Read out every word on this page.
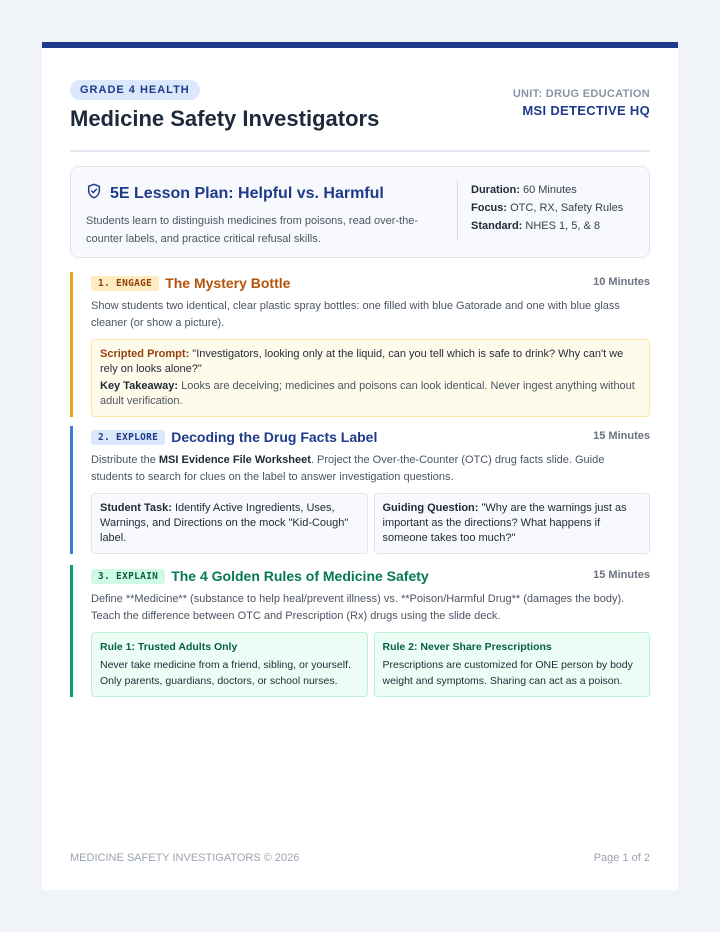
GRADE 4 HEALTH
Medicine Safety Investigators
UNIT: DRUG EDUCATION
MSI DETECTIVE HQ
5E Lesson Plan: Helpful vs. Harmful
Students learn to distinguish medicines from poisons, read over-the-counter labels, and practice critical refusal skills.
Duration: 60 Minutes
Focus: OTC, RX, Safety Rules
Standard: NHES 1, 5, & 8
1. ENGAGE The Mystery Bottle	10 Minutes
Show students two identical, clear plastic spray bottles: one filled with blue Gatorade and one with blue glass cleaner (or show a picture).
Scripted Prompt: "Investigators, looking only at the liquid, can you tell which is safe to drink? Why can't we rely on looks alone?"
Key Takeaway: Looks are deceiving; medicines and poisons can look identical. Never ingest anything without adult verification.
2. EXPLORE Decoding the Drug Facts Label	15 Minutes
Distribute the MSI Evidence File Worksheet. Project the Over-the-Counter (OTC) drug facts slide. Guide students to search for clues on the label to answer investigation questions.
Student Task: Identify Active Ingredients, Uses, Warnings, and Directions on the mock "Kid-Cough" label.
Guiding Question: "Why are the warnings just as important as the directions? What happens if someone takes too much?"
3. EXPLAIN The 4 Golden Rules of Medicine Safety	15 Minutes
Define **Medicine** (substance to help heal/prevent illness) vs. **Poison/Harmful Drug** (damages the body). Teach the difference between OTC and Prescription (Rx) drugs using the slide deck.
Rule 1: Trusted Adults Only
Never take medicine from a friend, sibling, or yourself. Only parents, guardians, doctors, or school nurses.
Rule 2: Never Share Prescriptions
Prescriptions are customized for ONE person by body weight and symptoms. Sharing can act as a poison.
MEDICINE SAFETY INVESTIGATORS © 2026	Page 1 of 2
